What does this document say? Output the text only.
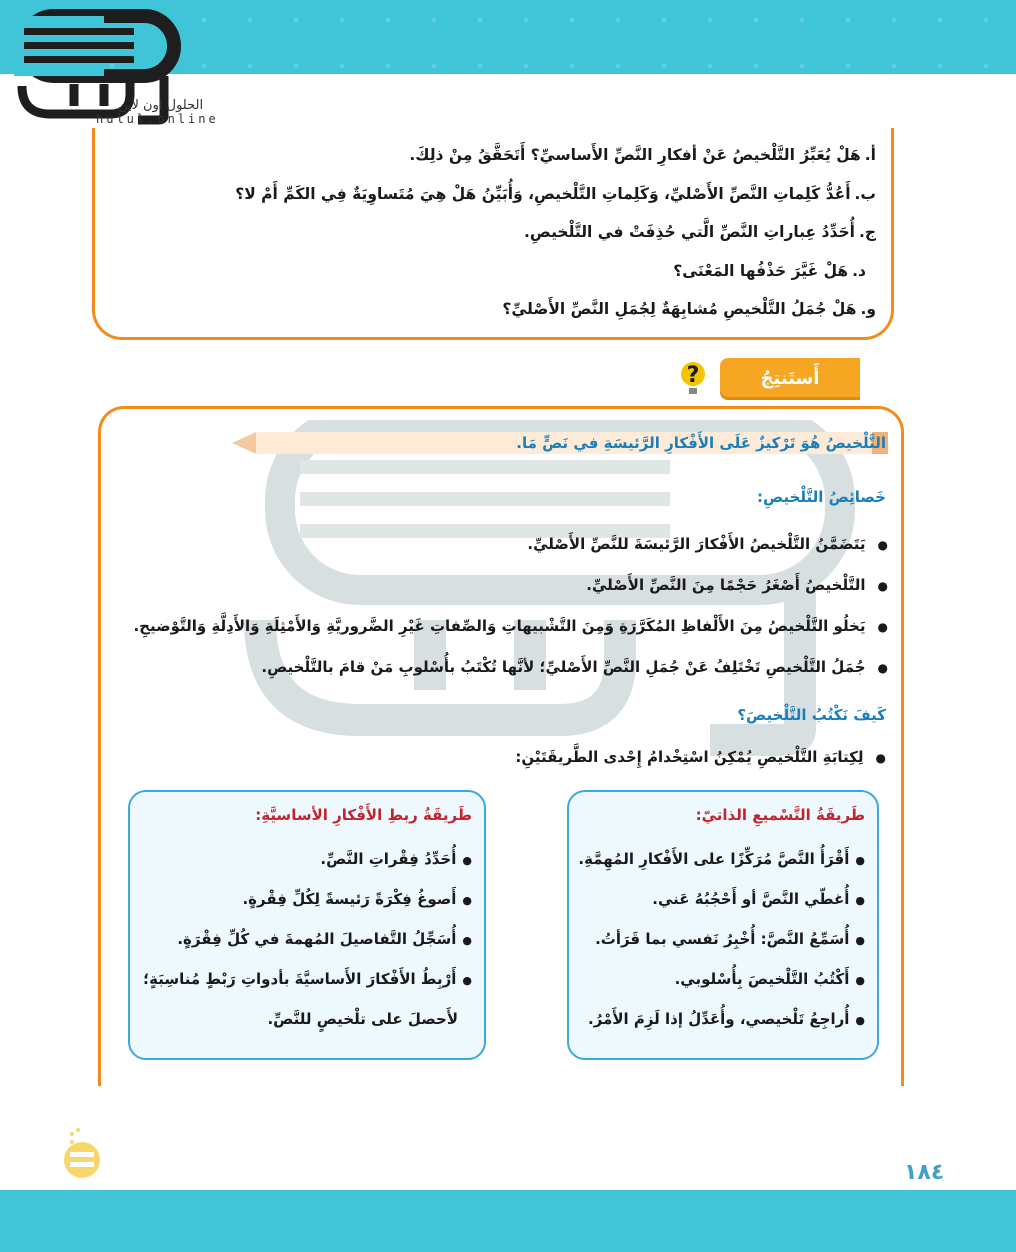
الحلول اون لاين
hulul.online
أ.هَلْ يُعَبِّرُ التَّلْخيصُ عَنْ أفكارِ النَّصِّ الأَساسيِّ؟ أَتَحَقَّقُ مِنْ ذلِكَ.
ب.أَعُدُّ كَلِماتِ النَّصِّ الأَصْليِّ، وَكَلِماتِ التَّلْخيصِ، وَأُبَيِّنُ هَلْ هِيَ مُتَساوِيَةٌ فِي الكَمِّ أَمْ لا؟
ج.أُحَدِّدُ عِباراتِ النَّصِّ الَّتي حُذِفَتْ في التَّلْخيصِ.
د.هَلْ غَيَّرَ حَذْفُها المَعْنَى؟
و.هَلْ جُمَلُ التَّلْخيصِ مُشابِهَةٌ لِجُمَلِ النَّصِّ الأَصْليِّ؟
أَستَنتِجُ
?
التَّلْخيصُ هُوَ تَرْكيزٌ عَلَى الأَفْكارِ الرَّئيسَةِ في نَصٍّ مَا.
خَصائِصُ التَّلْخيصِ:
● يَتَضَمَّنُ التَّلْخيصُ الأَفْكارَ الرَّئيسَةَ للنَّصِّ الأَصْليِّ.
● التَّلْخيصُ أَصْغَرُ حَجْمًا مِنَ النَّصِّ الأَصْليِّ.
● يَخلُو التَّلْخيصُ مِنَ الأَلْفاظِ المُكَرَّرَةِ وَمِنَ التَّشْبيهاتِ وَالصِّفاتِ غَيْرِ الضَّروريَّةِ وَالأَمْثِلَةِ وَالأَدِلَّةِ وَالتَّوْضيحِ.
● جُمَلُ التَّلْخيصِ تَخْتَلِفُ عَنْ جُمَلِ النَّصِّ الأَصْليِّ؛ لأنَّها تُكْتَبُ بأُسْلوبِ مَنْ قامَ بالتَّلْخيصِ.
كَيفَ نَكْتُبُ التَّلْخيصَ؟
● لِكِتابَةِ التَّلْخيصِ يُمْكِنُ اسْتِخْدامُ إِحْدى الطَّريقَتَيْنِ:
طَريقَةُ التَّسْميعِ الذاتيّ:
● أَقْرَأُ النَّصَّ مُرَكِّزًا على الأَفْكارِ المُهِمَّةِ.
● أُغطّي النَّصَّ أو أَحْجُبُهُ عَني.
● أُسَمِّعُ النَّصَّ: أُخْبِرُ نَفسي بما قَرَأتُ.
● أَكْتُبُ التَّلْخيصَ بِأُسْلوبي.
● أُراجِعُ تَلْخيصي، وأُعَدِّلُ إذا لَزِمَ الأَمْرُ.
طَريقَةُ ربطِ الأَفْكارِ الأساسيَّةِ:
● أُحَدِّدُ فِقْراتِ النَّصِّ.
● أَصوغُ فِكْرَةً رَئيسةً لِكُلِّ فِقْرةٍ.
● أُسَجِّلُ التَّفاصيلَ المُهمةَ في كُلِّ فِقْرَةٍ.
● أَرْبِطُ الأَفْكارَ الأَساسيَّةَ بأدواتِ رَبْطٍ مُناسِبَةٍ؛
لأَحصلَ على تلْخيصٍ للنَّصِّ.
١٨٤
